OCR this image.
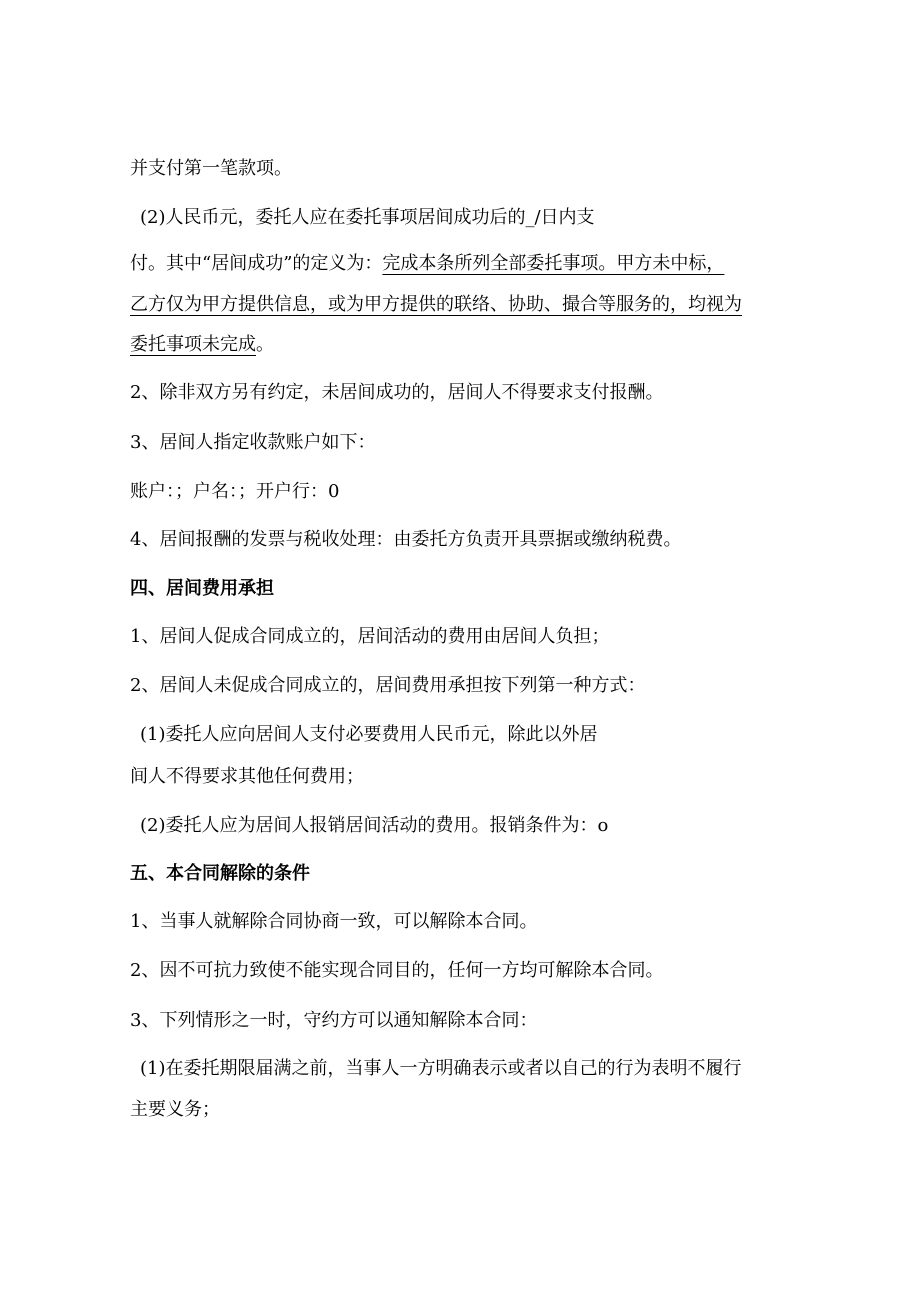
并支付第一笔款项。
(2)人民币元，委托人应在委托事项居间成功后的_/日内支
付。其中“居间成功”的定义为：完成本条所列全部委托事项。甲方未中标，
乙方仅为甲方提供信息，或为甲方提供的联络、协助、撮合等服务的，均视为
委托事项未完成。
2、除非双方另有约定，未居间成功的，居间人不得要求支付报酬。
3、居间人指定收款账户如下：
账户：；户名：；开户行：0
4、居间报酬的发票与税收处理：由委托方负责开具票据或缴纳税费。
四、居间费用承担
1、居间人促成合同成立的，居间活动的费用由居间人负担；
2、居间人未促成合同成立的，居间费用承担按下列第一种方式：
(1)委托人应向居间人支付必要费用人民币元，除此以外居
间人不得要求其他任何费用；
(2)委托人应为居间人报销居间活动的费用。报销条件为：o
五、本合同解除的条件
1、当事人就解除合同协商一致，可以解除本合同。
2、因不可抗力致使不能实现合同目的，任何一方均可解除本合同。
3、下列情形之一时，守约方可以通知解除本合同：
(1)在委托期限届满之前，当事人一方明确表示或者以自己的行为表明不履行
主要义务；
